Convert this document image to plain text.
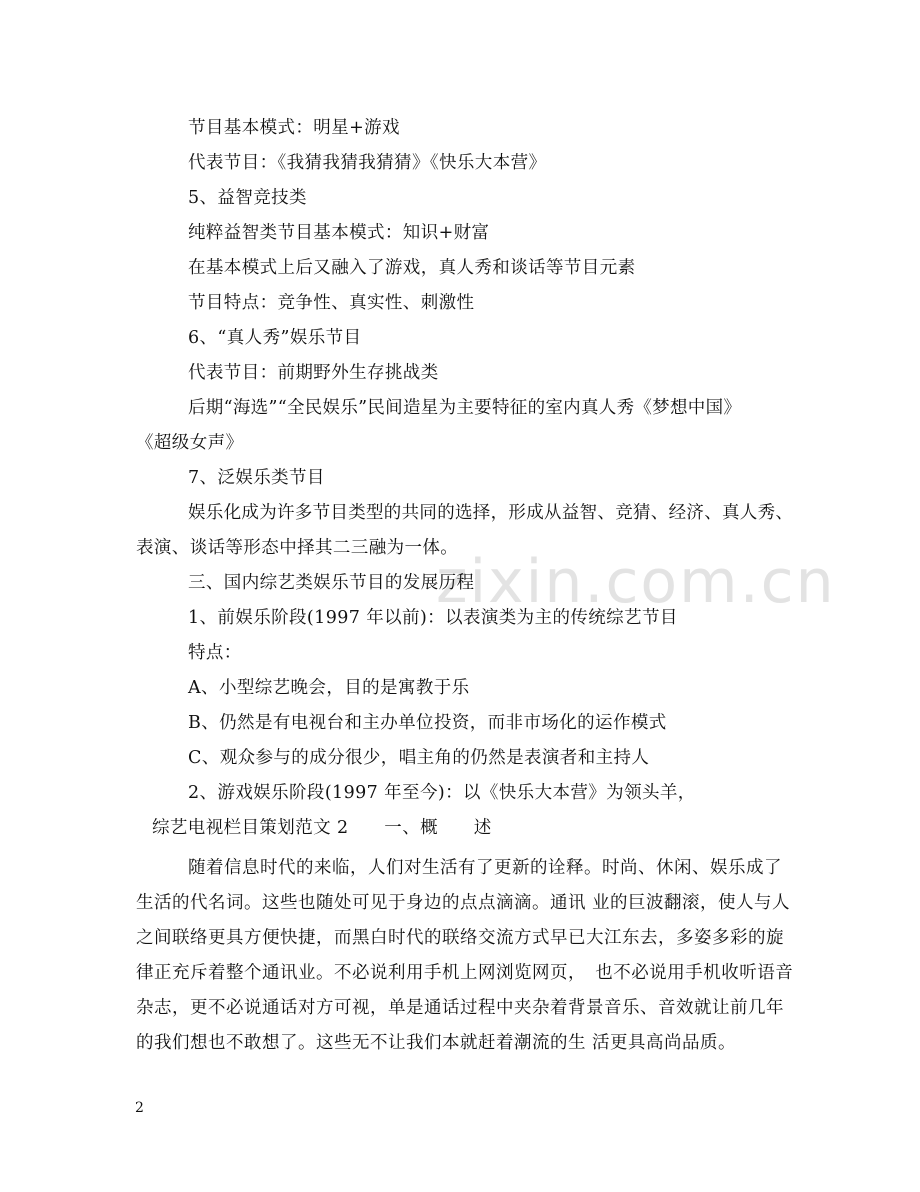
zixin.com.cn

节目基本模式：明星+游戏

代表节目：《我猜我猜我猜猜》《快乐大本营》

5、益智竞技类

纯粹益智类节目基本模式：知识+财富

在基本模式上后又融入了游戏，真人秀和谈话等节目元素

节目特点：竞争性、真实性、刺激性

6、“真人秀”娱乐节目

代表节目：前期野外生存挑战类

后期“海选”“全民娱乐”民间造星为主要特征的室内真人秀《梦想中国》

《超级女声》

7、泛娱乐类节目

娱乐化成为许多节目类型的共同的选择，形成从益智、竞猜、经济、真人秀、

表演、谈话等形态中择其二三融为一体。

三、国内综艺类娱乐节目的发展历程

1、前娱乐阶段(1997 年以前)：以表演类为主的传统综艺节目

特点：

A、小型综艺晚会，目的是寓教于乐

B、仍然是有电视台和主办单位投资，而非市场化的运作模式

C、观众参与的成分很少，唱主角的仍然是表演者和主持人

2、游戏娱乐阶段(1997 年至今)：以《快乐大本营》为领头羊，

综艺电视栏目策划范文 2　　一、概　　述

随着信息时代的来临，人们对生活有了更新的诠释。时尚、休闲、娱乐成了
生活的代名词。这些也随处可见于身边的点点滴滴。通讯 业的巨波翻滚，使人与人
之间联络更具方便快捷，而黑白时代的联络交流方式早已大江东去，多姿多彩的旋
律正充斥着整个通讯业。不必说利用手机上网浏览网页，　也不必说用手机收听语音
杂志，更不必说通话对方可视，单是通话过程中夹杂着背景音乐、音效就让前几年
的我们想也不敢想了。这些无不让我们本就赶着潮流的生 活更具高尚品质。
2
